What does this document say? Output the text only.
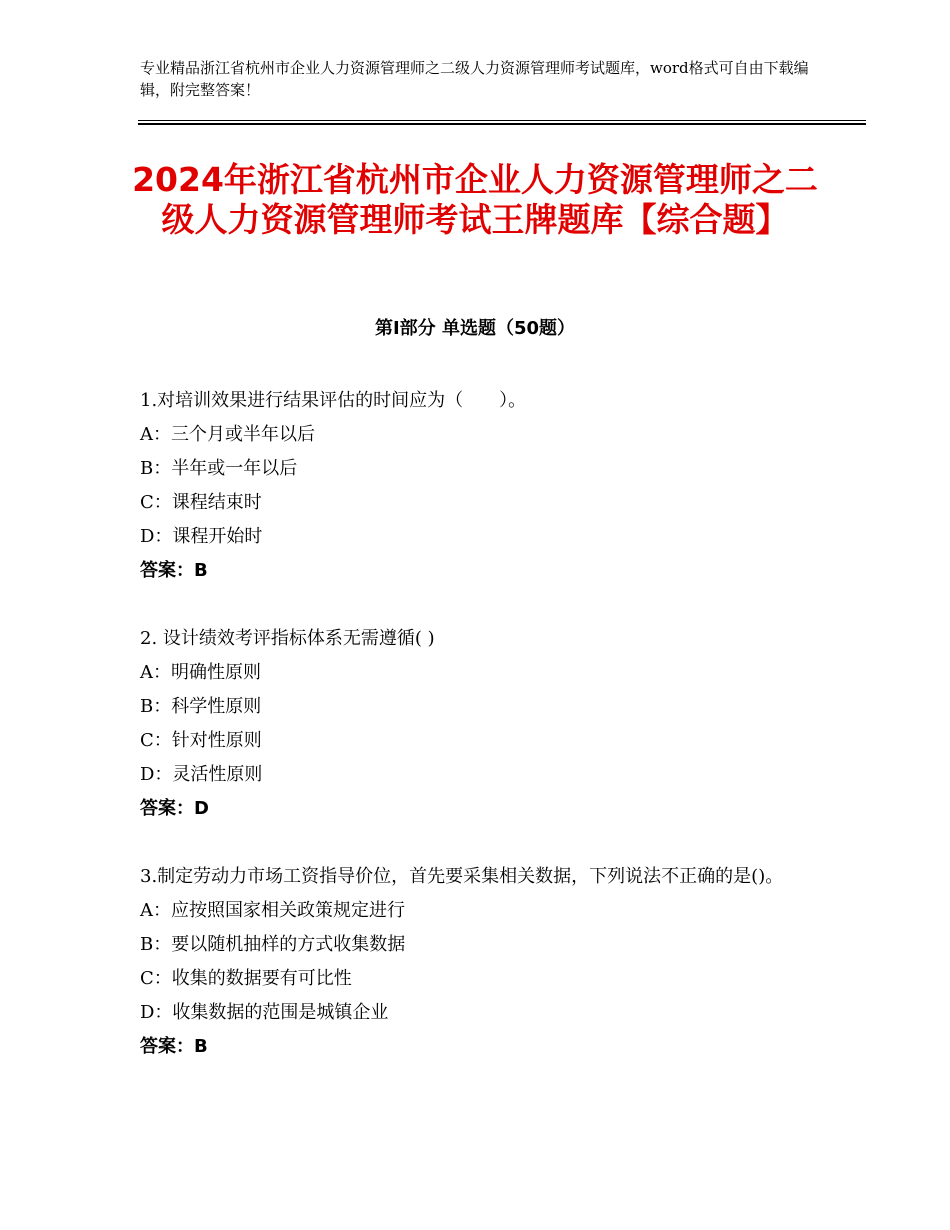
专业精品浙江省杭州市企业人力资源管理师之二级人力资源管理师考试题库，word格式可自由下载编辑，附完整答案！
2024年浙江省杭州市企业人力资源管理师之二级人力资源管理师考试王牌题库【综合题】
第Ⅰ部分 单选题（50题）
1.对培训效果进行结果评估的时间应为（　　）。
A：三个月或半年以后
B：半年或一年以后
C：课程结束时
D：课程开始时
答案：B
2. 设计绩效考评指标体系无需遵循( )
A：明确性原则
B：科学性原则
C：针对性原则
D：灵活性原则
答案：D
3.制定劳动力市场工资指导价位，首先要采集相关数据，下列说法不正确的是()。
A：应按照国家相关政策规定进行
B：要以随机抽样的方式收集数据
C：收集的数据要有可比性
D：收集数据的范围是城镇企业
答案：B
